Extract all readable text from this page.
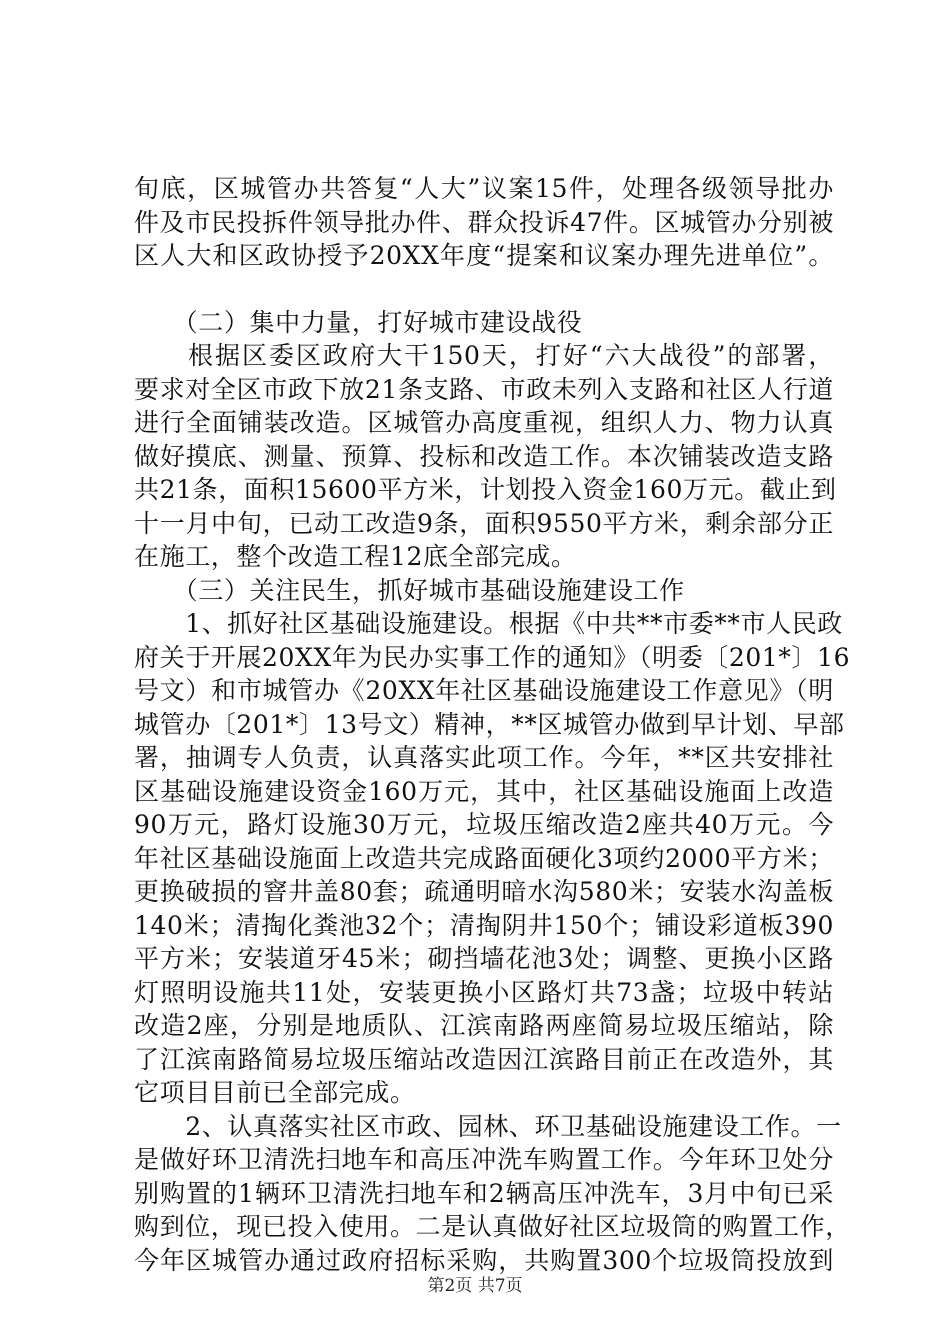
旬底，区城管办共答复“人大”议案15件，处理各级领导批办
件及市民投拆件领导批办件、群众投诉47件。区城管办分别被
区人大和区政协授予20XX年度“提案和议案办理先进单位”。
　　（二）集中力量，打好城市建设战役
　　根据区委区政府大干150天，打好“六大战役”的部署，
要求对全区市政下放21条支路、市政未列入支路和社区人行道
进行全面铺装改造。区城管办高度重视，组织人力、物力认真
做好摸底、测量、预算、投标和改造工作。本次铺装改造支路
共21条，面积15600平方米，计划投入资金160万元。截止到
十一月中旬，已动工改造9条，面积9550平方米，剩余部分正
在施工，整个改造工程12底全部完成。
　　（三）关注民生，抓好城市基础设施建设工作
　　1、抓好社区基础设施建设。根据《中共**市委**市人民政
府关于开展20XX年为民办实事工作的通知》（明委〔201*〕16
号文）和市城管办《20XX年社区基础设施建设工作意见》（明
城管办〔201*〕13号文）精神，**区城管办做到早计划、早部
署，抽调专人负责，认真落实此项工作。今年，**区共安排社
区基础设施建设资金160万元，其中，社区基础设施面上改造
90万元，路灯设施30万元，垃圾压缩改造2座共40万元。今
年社区基础设施面上改造共完成路面硬化3项约2000平方米；
更换破损的窨井盖80套；疏通明暗水沟580米；安装水沟盖板
140米；清掏化粪池32个；清掏阴井150个；铺设彩道板390
平方米；安装道牙45米；砌挡墙花池3处；调整、更换小区路
灯照明设施共11处，安装更换小区路灯共73盏；垃圾中转站
改造2座，分别是地质队、江滨南路两座简易垃圾压缩站，除
了江滨南路简易垃圾压缩站改造因江滨路目前正在改造外，其
它项目目前已全部完成。
　　2、认真落实社区市政、园林、环卫基础设施建设工作。一
是做好环卫清洗扫地车和高压冲洗车购置工作。今年环卫处分
别购置的1辆环卫清洗扫地车和2辆高压冲洗车，3月中旬已采
购到位，现已投入使用。二是认真做好社区垃圾筒的购置工作，
今年区城管办通过政府招标采购，共购置300个垃圾筒投放到
第2页 共7页
